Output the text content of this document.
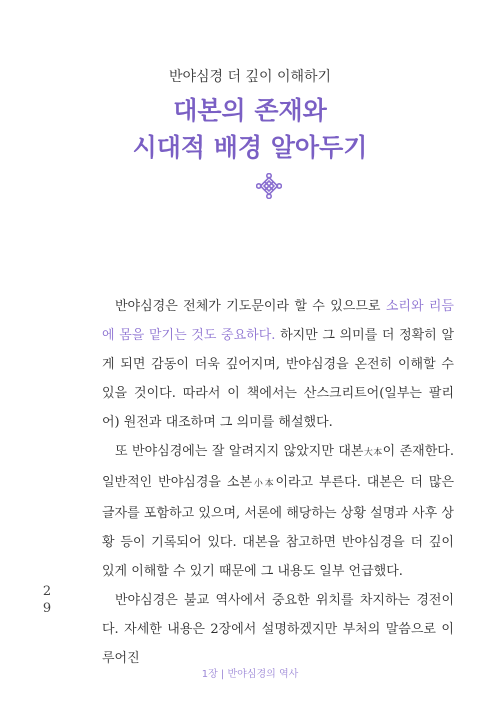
반야심경 더 깊이 이해하기
대본의 존재와
시대적 배경 알아두기

반야심경은 전체가 기도문이라 할 수 있으므로 소리와 리듬에 몸을 맡기는 것도 중요하다. 하지만 그 의미를 더 정확히 알게 되면 감동이 더욱 깊어지며, 반야심경을 온전히 이해할 수 있을 것이다. 따라서 이 책에서는 산스크리트어(일부는 팔리어) 원전과 대조하며 그 의미를 해설했다.

또 반야심경에는 잘 알려지지 않았지만 대본大本이 존재한다. 일반적인 반야심경을 소본小本이라고 부른다. 대본은 더 많은 글자를 포함하고 있으며, 서론에 해당하는 상황 설명과 사후 상황 등이 기록되어 있다. 대본을 참고하면 반야심경을 더 깊이 있게 이해할 수 있기 때문에 그 내용도 일부 언급했다.

반야심경은 불교 역사에서 중요한 위치를 차지하는 경전이다. 자세한 내용은 2장에서 설명하겠지만 부처의 말씀으로 이루어진

2
9
1장 | 반야심경의 역사
